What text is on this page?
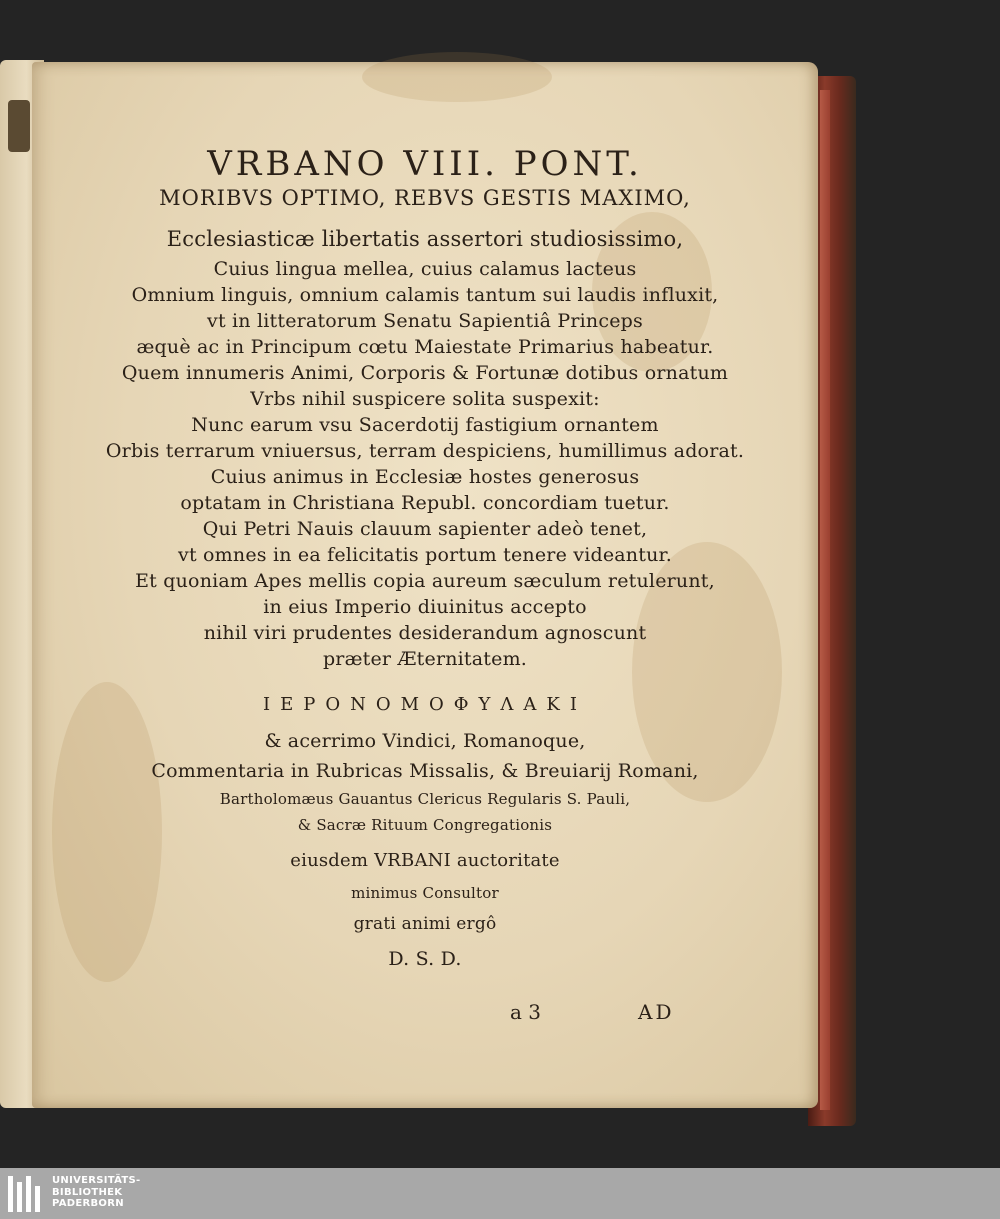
VRBANO VIII. PONT.
MORIBVS OPTIMO, REBVS GESTIS MAXIMO,
Ecclesiasticæ libertatis assertori studiosissimo,
Cuius lingua mellea, cuius calamus lacteus
Omnium linguis, omnium calamis tantum sui laudis influxit,
vt in litteratorum Senatu Sapientiâ Princeps
æquè ac in Principum cœtu Maiestate Primarius habeatur.
Quem innumeris Animi, Corporis & Fortunæ dotibus ornatum
Vrbs nihil suspicere solita suspexit:
Nunc earum vsu Sacerdotij fastigium ornantem
Orbis terrarum vniuersus, terram despiciens, humillimus adorat.
Cuius animus in Ecclesiæ hostes generosus
optatam in Christiana Republ. concordiam tuetur.
Qui Petri Nauis clauum sapienter adeò tenet,
vt omnes in ea felicitatis portum tenere videantur.
Et quoniam Apes mellis copia aureum sæculum retulerunt,
in eius Imperio diuinitus accepto
nihil viri prudentes desiderandum agnoscunt
præter Æternitatem.
ΙΕΡΟΝΟΜΟΦΥΛΑΚΙ
& acerrimo Vindici, Romanoque,
Commentaria in Rubricas Missalis, & Breuiarij Romani,
Bartholomæus Gauantus Clericus Regularis S. Pauli,
& Sacræ Rituum Congregationis
eiusdem VRBANI auctoritate
minimus Consultor
grati animi ergô
D. S. D.
a 3	AD
UNIVERSITÄTS-
BIBLIOTHEK
PADERBORN
